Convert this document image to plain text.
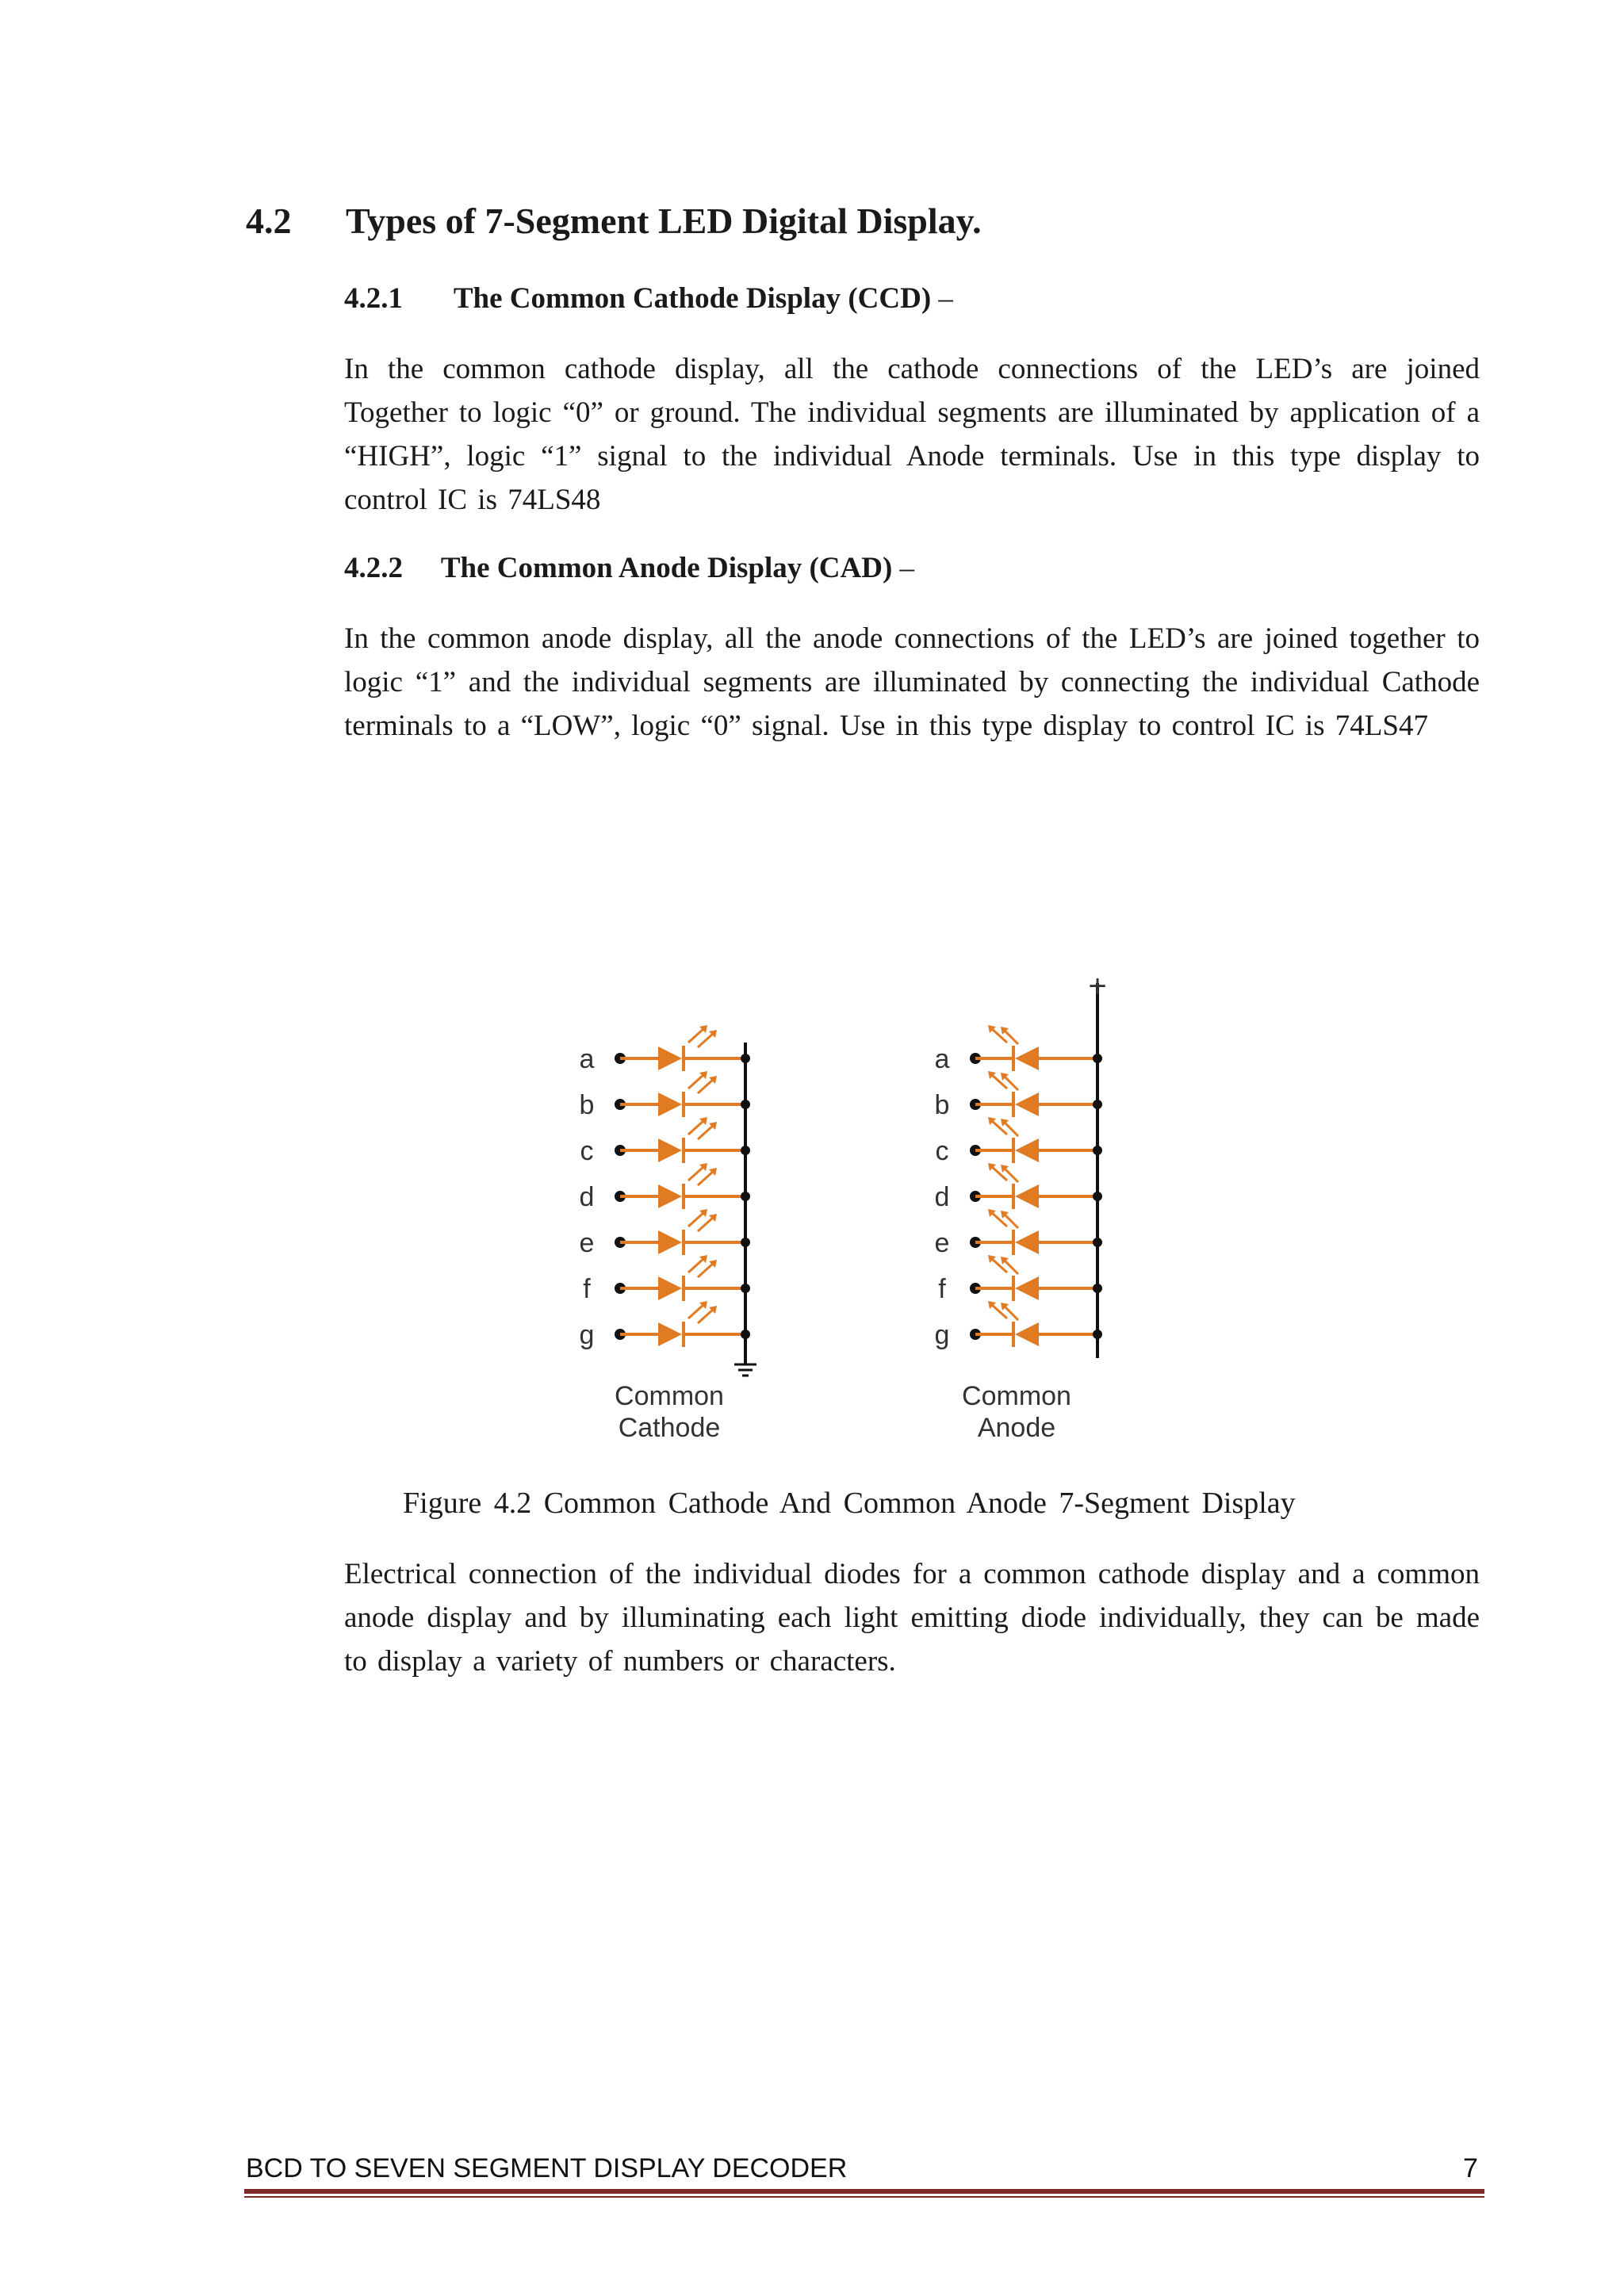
4.2 Types of 7-Segment LED Digital Display.
4.2.1 The Common Cathode Display (CCD) –
In the common cathode display, all the cathode connections of the LED’s are joined Together to logic “0” or ground. The individual segments are illuminated by application of a “HIGH”, logic “1” signal to the individual Anode terminals. Use in this type display to control IC is 74LS48
4.2.2 The Common Anode Display (CAD) –
In the common anode display, all the anode connections of the LED’s are joined together to logic “1” and the individual segments are illuminated by connecting the individual Cathode terminals to a “LOW”, logic “0” signal. Use in this type display to control IC is 74LS47
a
b
c
d
e
f
g
Common
Cathode
+
a
b
c
d
e
f
g
Common
Anode
Figure 4.2 Common Cathode And Common Anode 7-Segment Display
Electrical connection of the individual diodes for a common cathode display and a common anode display and by illuminating each light emitting diode individually, they can be made to display a variety of numbers or characters.
BCD TO SEVEN SEGMENT DISPLAY DECODER	7
